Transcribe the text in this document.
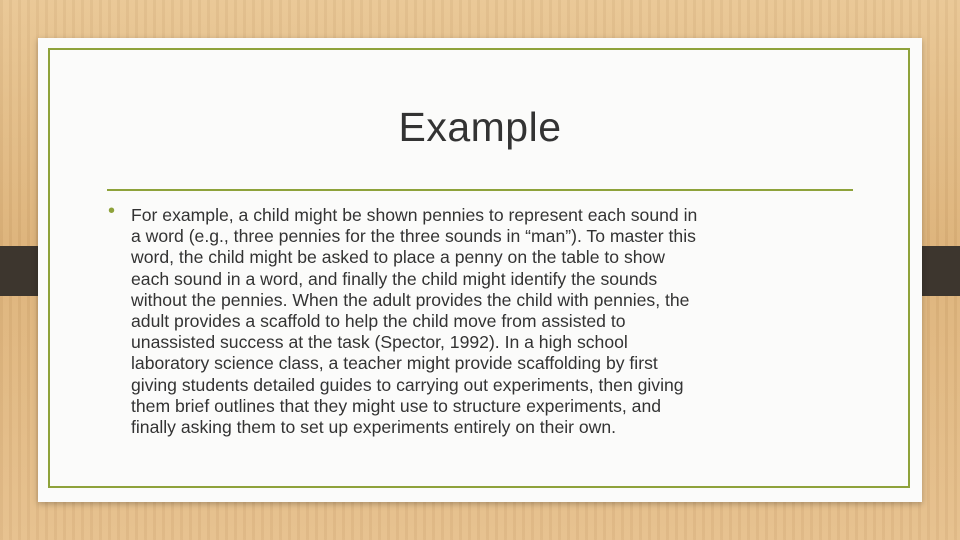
Example
• For example, a child might be shown pennies to represent each sound in
a word (e.g., three pennies for the three sounds in “man”). To master this
word, the child might be asked to place a penny on the table to show
each sound in a word, and finally the child might identify the sounds
without the pennies. When the adult provides the child with pennies, the
adult provides a scaffold to help the child move from assisted to
unassisted success at the task (Spector, 1992). In a high school
laboratory science class, a teacher might provide scaffolding by first
giving students detailed guides to carrying out experiments, then giving
them brief outlines that they might use to structure experiments, and
finally asking them to set up experiments entirely on their own.
